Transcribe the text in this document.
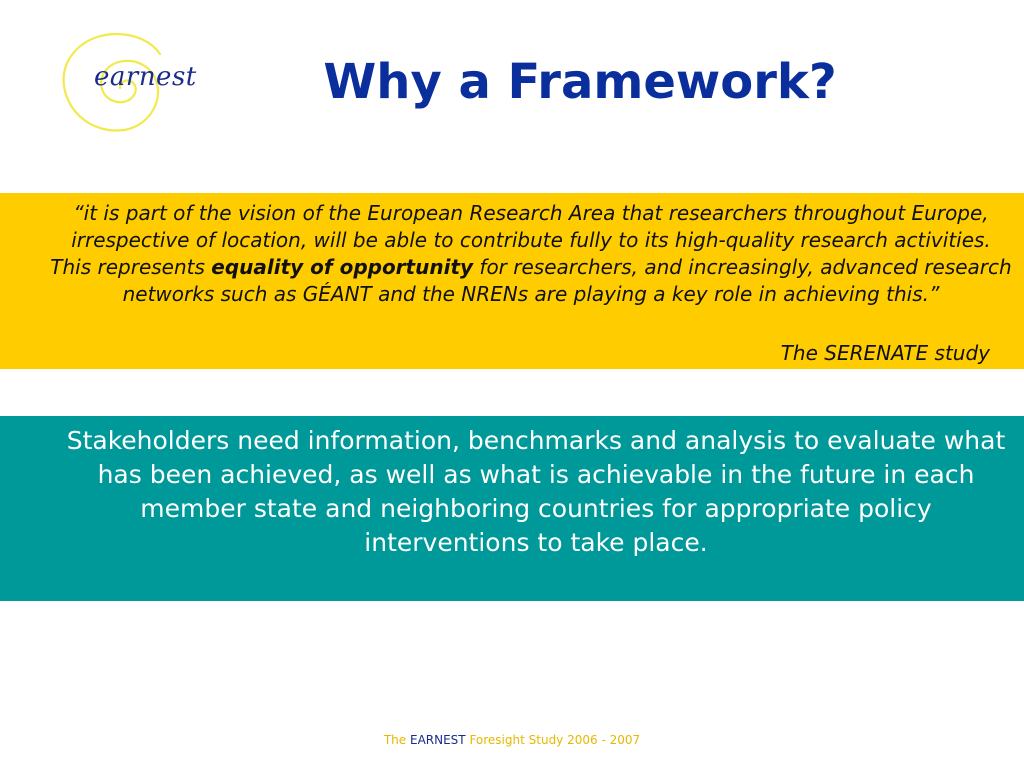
earnest	Why a Framework?

“it is part of the vision of the European Research Area that researchers throughout Europe, irrespective of location, will be able to contribute fully to its high-quality research activities. This represents equality of opportunity for researchers, and increasingly, advanced research networks such as GÉANT and the NRENs are playing a key role in achieving this.”

The SERENATE study

Stakeholders need information, benchmarks and analysis to evaluate what has been achieved, as well as what is achievable in the future in each member state and neighboring countries for appropriate policy interventions to take place.

The EARNEST Foresight Study 2006 - 2007
